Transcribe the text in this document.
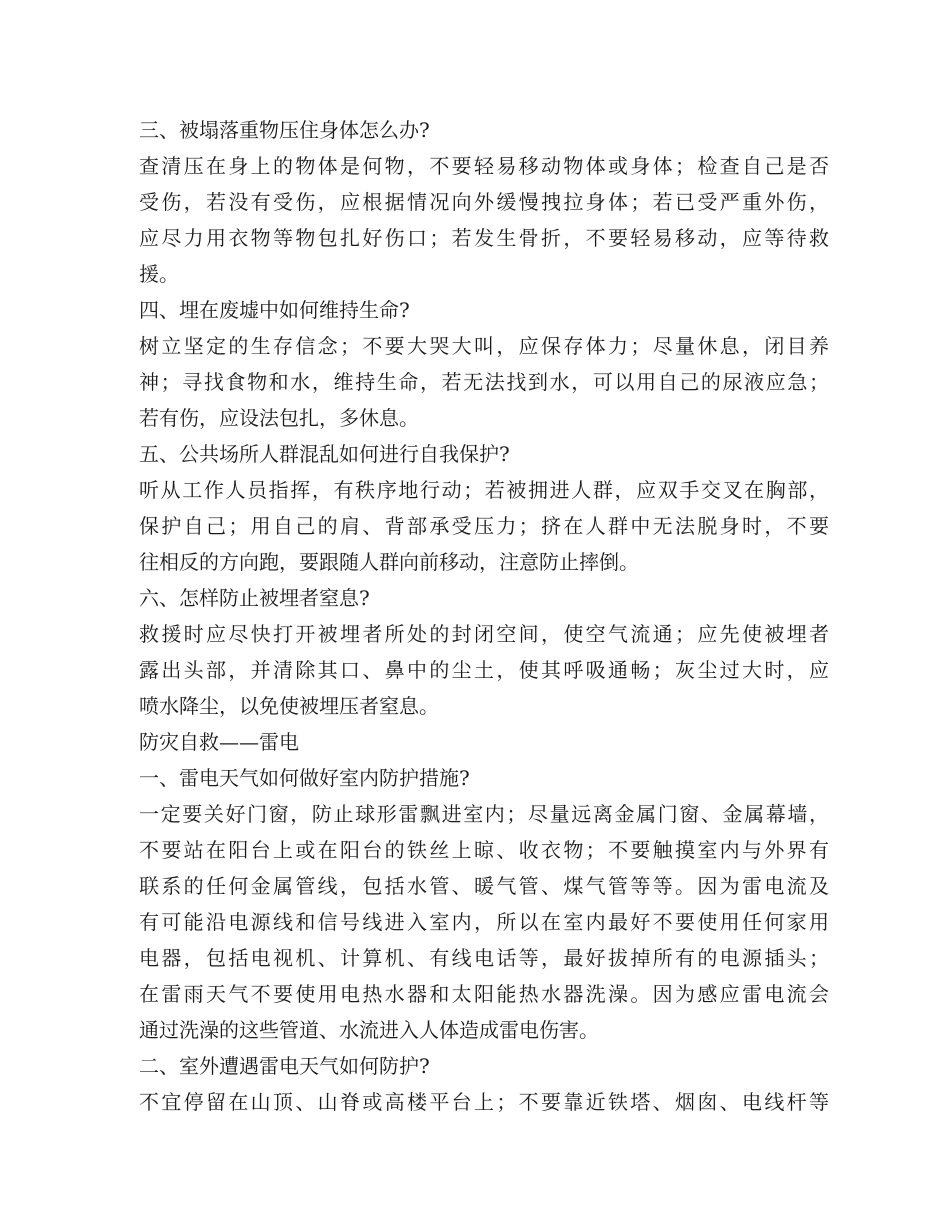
三、被塌落重物压住身体怎么办?
查清压在身上的物体是何物，不要轻易移动物体或身体；检查自己是否
受伤，若没有受伤，应根据情况向外缓慢拽拉身体；若已受严重外伤，
应尽力用衣物等物包扎好伤口；若发生骨折，不要轻易移动，应等待救
援。
四、埋在废墟中如何维持生命?
树立坚定的生存信念；不要大哭大叫，应保存体力；尽量休息，闭目养
神；寻找食物和水，维持生命，若无法找到水，可以用自己的尿液应急；
若有伤，应设法包扎，多休息。
五、公共场所人群混乱如何进行自我保护?
听从工作人员指挥，有秩序地行动；若被拥进人群，应双手交叉在胸部，
保护自己；用自己的肩、背部承受压力；挤在人群中无法脱身时，不要
往相反的方向跑，要跟随人群向前移动，注意防止摔倒。
六、怎样防止被埋者窒息?
救援时应尽快打开被埋者所处的封闭空间，使空气流通；应先使被埋者
露出头部，并清除其口、鼻中的尘土，使其呼吸通畅；灰尘过大时，应
喷水降尘，以免使被埋压者窒息。
防灾自救——雷电
一、雷电天气如何做好室内防护措施?
一定要关好门窗，防止球形雷飘进室内；尽量远离金属门窗、金属幕墙，
不要站在阳台上或在阳台的铁丝上晾、收衣物；不要触摸室内与外界有
联系的任何金属管线，包括水管、暖气管、煤气管等等。因为雷电流及
有可能沿电源线和信号线进入室内，所以在室内最好不要使用任何家用
电器，包括电视机、计算机、有线电话等，最好拔掉所有的电源插头；
在雷雨天气不要使用电热水器和太阳能热水器洗澡。因为感应雷电流会
通过洗澡的这些管道、水流进入人体造成雷电伤害。
二、室外遭遇雷电天气如何防护?
不宜停留在山顶、山脊或高楼平台上；不要靠近铁塔、烟囱、电线杆等
